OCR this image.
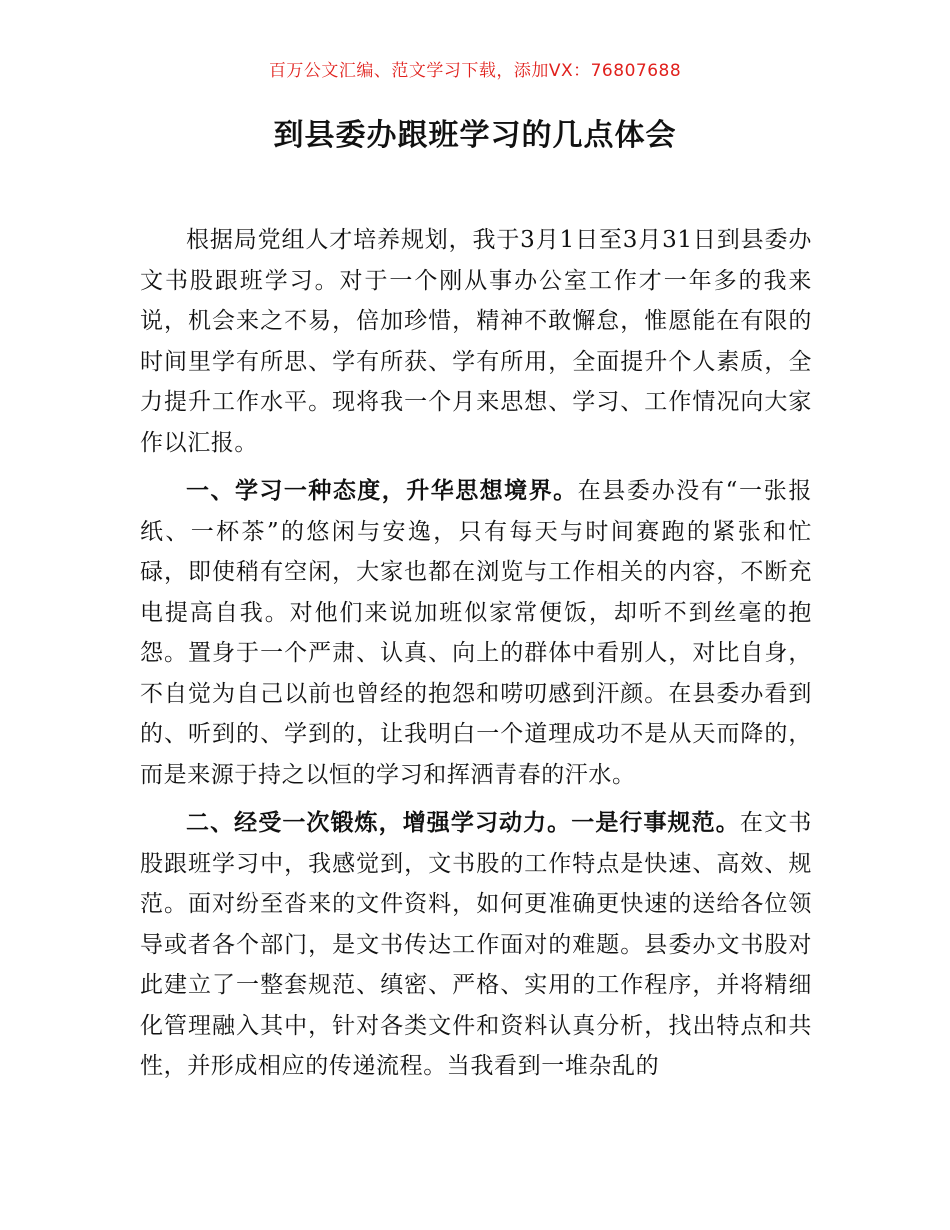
百万公文汇编、范文学习下载，添加VX：76807688
到县委办跟班学习的几点体会

根据局党组人才培养规划，我于3月1日至3月31日到县委办文书股跟班学习。对于一个刚从事办公室工作才一年多的我来说，机会来之不易，倍加珍惜，精神不敢懈怠，惟愿能在有限的时间里学有所思、学有所获、学有所用，全面提升个人素质，全力提升工作水平。现将我一个月来思想、学习、工作情况向大家作以汇报。

一、学习一种态度，升华思想境界。在县委办没有“一张报纸、一杯茶”的悠闲与安逸，只有每天与时间赛跑的紧张和忙碌，即使稍有空闲，大家也都在浏览与工作相关的内容，不断充电提高自我。对他们来说加班似家常便饭，却听不到丝毫的抱怨。置身于一个严肃、认真、向上的群体中看别人，对比自身，不自觉为自己以前也曾经的抱怨和唠叨感到汗颜。在县委办看到的、听到的、学到的，让我明白一个道理成功不是从天而降的，而是来源于持之以恒的学习和挥洒青春的汗水。

二、经受一次锻炼，增强学习动力。一是行事规范。在文书股跟班学习中，我感觉到，文书股的工作特点是快速、高效、规范。面对纷至沓来的文件资料，如何更准确更快速的送给各位领导或者各个部门，是文书传达工作面对的难题。县委办文书股对此建立了一整套规范、缜密、严格、实用的工作程序，并将精细化管理融入其中，针对各类文件和资料认真分析，找出特点和共性，并形成相应的传递流程。当我看到一堆杂乱的
